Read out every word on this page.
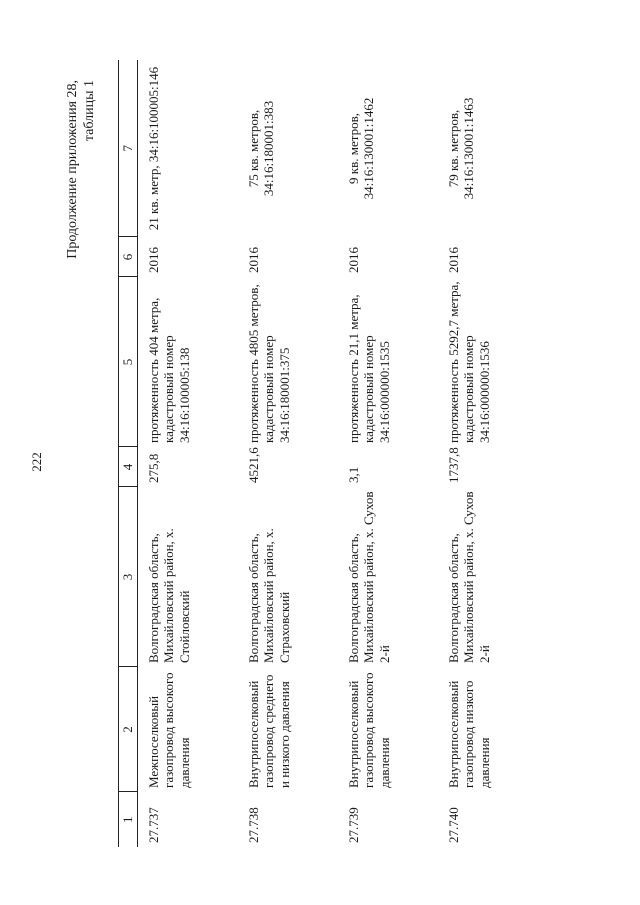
222
Продолжение приложения 28, таблицы 1
1	2	3	4	5	6	7
27.737	Межпоселковый газопровод высокого давления	Волгоградская область, Михайловский район, х. Стойловский	275,8	протяженность 404 метра, кадастровый номер 34:16:100005:138	2016	21 кв. метр, 34:16:100005:146
27.738	Внутрипоселковый газопровод среднего и низкого давления	Волгоградская область, Михайловский район, х. Страховский	4521,6	протяженность 4805 метров, кадастровый номер 34:16:180001:375	2016	75 кв. метров, 34:16:180001:383
27.739	Внутрипоселковый газопровод высокого давления	Волгоградская область, Михайловский район, х. Сухов 2-й	3,1	протяженность 21,1 метра, кадастровый номер 34:16:000000:1535	2016	9 кв. метров, 34:16:130001:1462
27.740	Внутрипоселковый газопровод низкого давления	Волгоградская область, Михайловский район, х. Сухов 2-й	1737,8	протяженность 5292,7 метра, кадастровый номер 34:16:000000:1536	2016	79 кв. метров, 34:16:130001:1463
